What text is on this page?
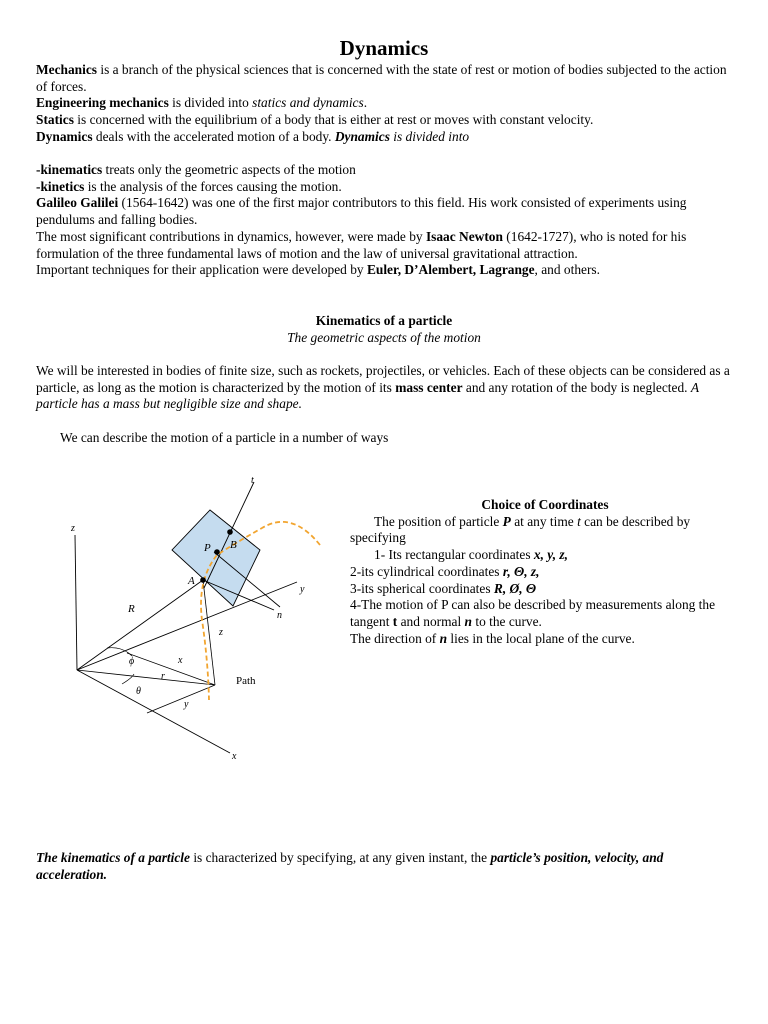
Dynamics
Mechanics is a branch of the physical sciences that is concerned with the state of rest or motion of bodies subjected to the action of forces.
Engineering mechanics is divided into statics and dynamics.
Statics is concerned with the equilibrium of a body that is either at rest or moves with constant velocity.
Dynamics deals with the accelerated motion of a body. Dynamics is divided into
-kinematics treats only the geometric aspects of the motion
-kinetics is the analysis of the forces causing the motion.
Galileo Galilei (1564-1642) was one of the first major contributors to this field. His work consisted of experiments using pendulums and falling bodies.
The most significant contributions in dynamics, however, were made by Isaac Newton (1642-1727), who is noted for his formulation of the three fundamental laws of motion and the law of universal gravitational attraction.
Important techniques for their application were developed by Euler, D’Alembert, Lagrange, and others.
Kinematics of a particle
The geometric aspects of the motion
We will be interested in bodies of finite size, such as rockets, projectiles, or vehicles. Each of these objects can be considered as a particle, as long as the motion is characterized by the motion of its mass center and any rotation of the body is neglected. A particle has a mass but negligible size and shape.
We can describe the motion of a particle in a number of ways
t
z
P B
A
y
n
R
z
ϕ	x
r
θ
y
Path
x
Choice of Coordinates
The position of particle P at any time t can be described by specifying
1- Its rectangular coordinates x, y, z,
2-its cylindrical coordinates r, Θ, z,
3-its spherical coordinates R, Ø, Θ
4-The motion of P can also be described by measurements along the tangent t and normal n to the curve.
The direction of n lies in the local plane of the curve.
The kinematics of a particle is characterized by specifying, at any given instant, the particle’s position, velocity, and acceleration.
